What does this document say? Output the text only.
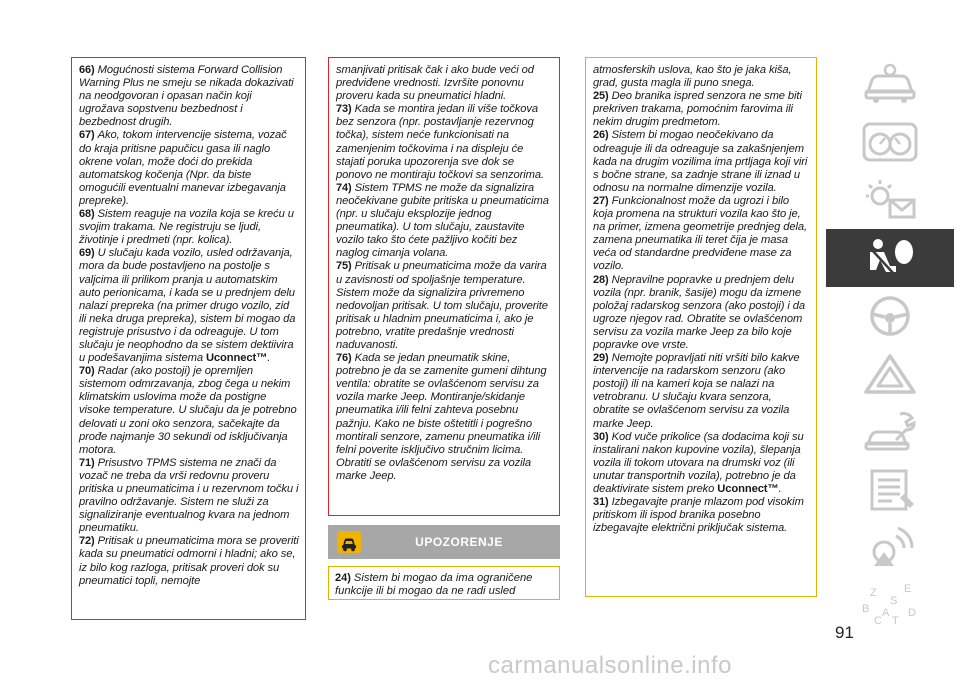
66) Mogućnosti sistema Forward Collision Warning Plus ne smeju se nikada dokazivati na neodgovoran i opasan način koji ugrožava sopstvenu bezbednost i bezbednost drugih.
67) Ako, tokom intervencije sistema, vozač do kraja pritisne papučicu gasa ili naglo okrene volan, može doći do prekida automatskog kočenja (Npr. da biste omogućili eventualni manevar izbegavanja prepreke).
68) Sistem reaguje na vozila koja se kreću u svojim trakama. Ne registruju se ljudi, životinje i predmeti (npr. kolica).
69) U slučaju kada vozilo, usled održavanja, mora da bude postavljeno na postolje s valjcima ili prilikom pranja u automatskim auto perionicama, i kada se u prednjem delu nalazi prepreka (na primer drugo vozilo, zid ili neka druga prepreka), sistem bi mogao da registruje prisustvo i da odreaguje. U tom slučaju je neophodno da se sistem dektiivira u podešavanjima sistema Uconnect™.
70) Radar (ako postoji) je opremljen sistemom odmrzavanja, zbog čega u nekim klimatskim uslovima može da postigne visoke temperature. U slučaju da je potrebno delovati u zoni oko senzora, sačekajte da prođe najmanje 30 sekundi od isključivanja motora.
71) Prisustvo TPMS sistema ne znači da vozač ne treba da vrši redovnu proveru pritiska u pneumaticima i u rezervnom točku i pravilno održavanje. Sistem ne služi za signaliziranje eventualnog kvara na jednom pneumatiku.
72) Pritisak u pneumaticima mora se proveriti kada su pneumatici odmorni i hladni; ako se, iz bilo kog razloga, pritisak proveri dok su pneumatici topli, nemojte
smanjivati pritisak čak i ako bude veći od predviđene vrednosti. Izvršite ponovnu proveru kada su pneumatici hladni.
73) Kada se montira jedan ili više točkova bez senzora (npr. postavljanje rezervnog točka), sistem neće funkcionisati na zamenjenim točkovima i na displeju će stajati poruka upozorenja sve dok se ponovo ne montiraju točkovi sa senzorima.
74) Sistem TPMS ne može da signalizira neočekivane gubite pritiska u pneumaticima (npr. u slučaju eksplozije jednog pneumatika). U tom slučaju, zaustavite vozilo tako što ćete pažljivo kočiti bez naglog cimanja volana.
75) Pritisak u pneumaticima može da varira u zavisnosti od spoljašnje temperature. Sistem može da signalizira privremeno nedovoljan pritisak. U tom slučaju, proverite pritisak u hladnim pneumaticima i, ako je potrebno, vratite predašnje vrednosti naduvanosti.
76) Kada se jedan pneumatik skine, potrebno je da se zamenite gumeni dihtung ventila: obratite se ovlašćenom servisu za vozila marke Jeep. Montiranje/skidanje pneumatika i/ili felni zahteva posebnu pažnju. Kako ne biste oštetitli i pogrešno montirali senzore, zamenu pneumatika i/ili felni poverite isključivo stručnim licima. Obratiti se ovlašćenom servisu za vozila marke Jeep.
UPOZORENJE
24) Sistem bi mogao da ima ograničene funkcije ili bi mogao da ne radi usled
atmosferskih uslova, kao što je jaka kiša, grad, gusta magla ili puno snega.
25) Deo branika ispred senzora ne sme biti prekriven trakama, pomoćnim farovima ili nekim drugim predmetom.
26) Sistem bi mogao neočekivano da odreaguje ili da odreaguje sa zakašnjenjem kada na drugim vozilima ima prtljaga koji viri s bočne strane, sa zadnje strane ili iznad u odnosu na normalne dimenzije vozila.
27) Funkcionalnost može da ugrozi i bilo koja promena na strukturi vozila kao što je, na primer, izmena geometrije prednjeg dela, zamena pneumatika ili teret čija je masa veća od standardne predviđene mase za vozilo.
28) Nepravilne popravke u prednjem delu vozila (npr. branik, šasije) mogu da izmene položaj radarskog senzora (ako postoji) i da ugroze njegov rad. Obratite se ovlašćenom servisu za vozila marke Jeep za bilo koje popravke ove vrste.
29) Nemojte popravljati niti vršiti bilo kakve intervencije na radarskom senzoru (ako postoji) ili na kameri koja se nalazi na vetrobranu. U slučaju kvara senzora, obratite se ovlašćenom servisu za vozila marke Jeep.
30) Kod vuče prikolice (sa dodacima koji su instalirani nakon kupovine vozila), šlepanja vozila ili tokom utovara na drumski voz (ili unutar transportnih vozila), potrebno je da deaktivirate sistem preko Uconnect™.
31) Izbegavajte pranje mlazom pod visokim pritiskom ili ispod branika posebno izbegavajte električni priključak sistema.
Z E
B
S
A
C T
D
91
carmanualsonline.info
